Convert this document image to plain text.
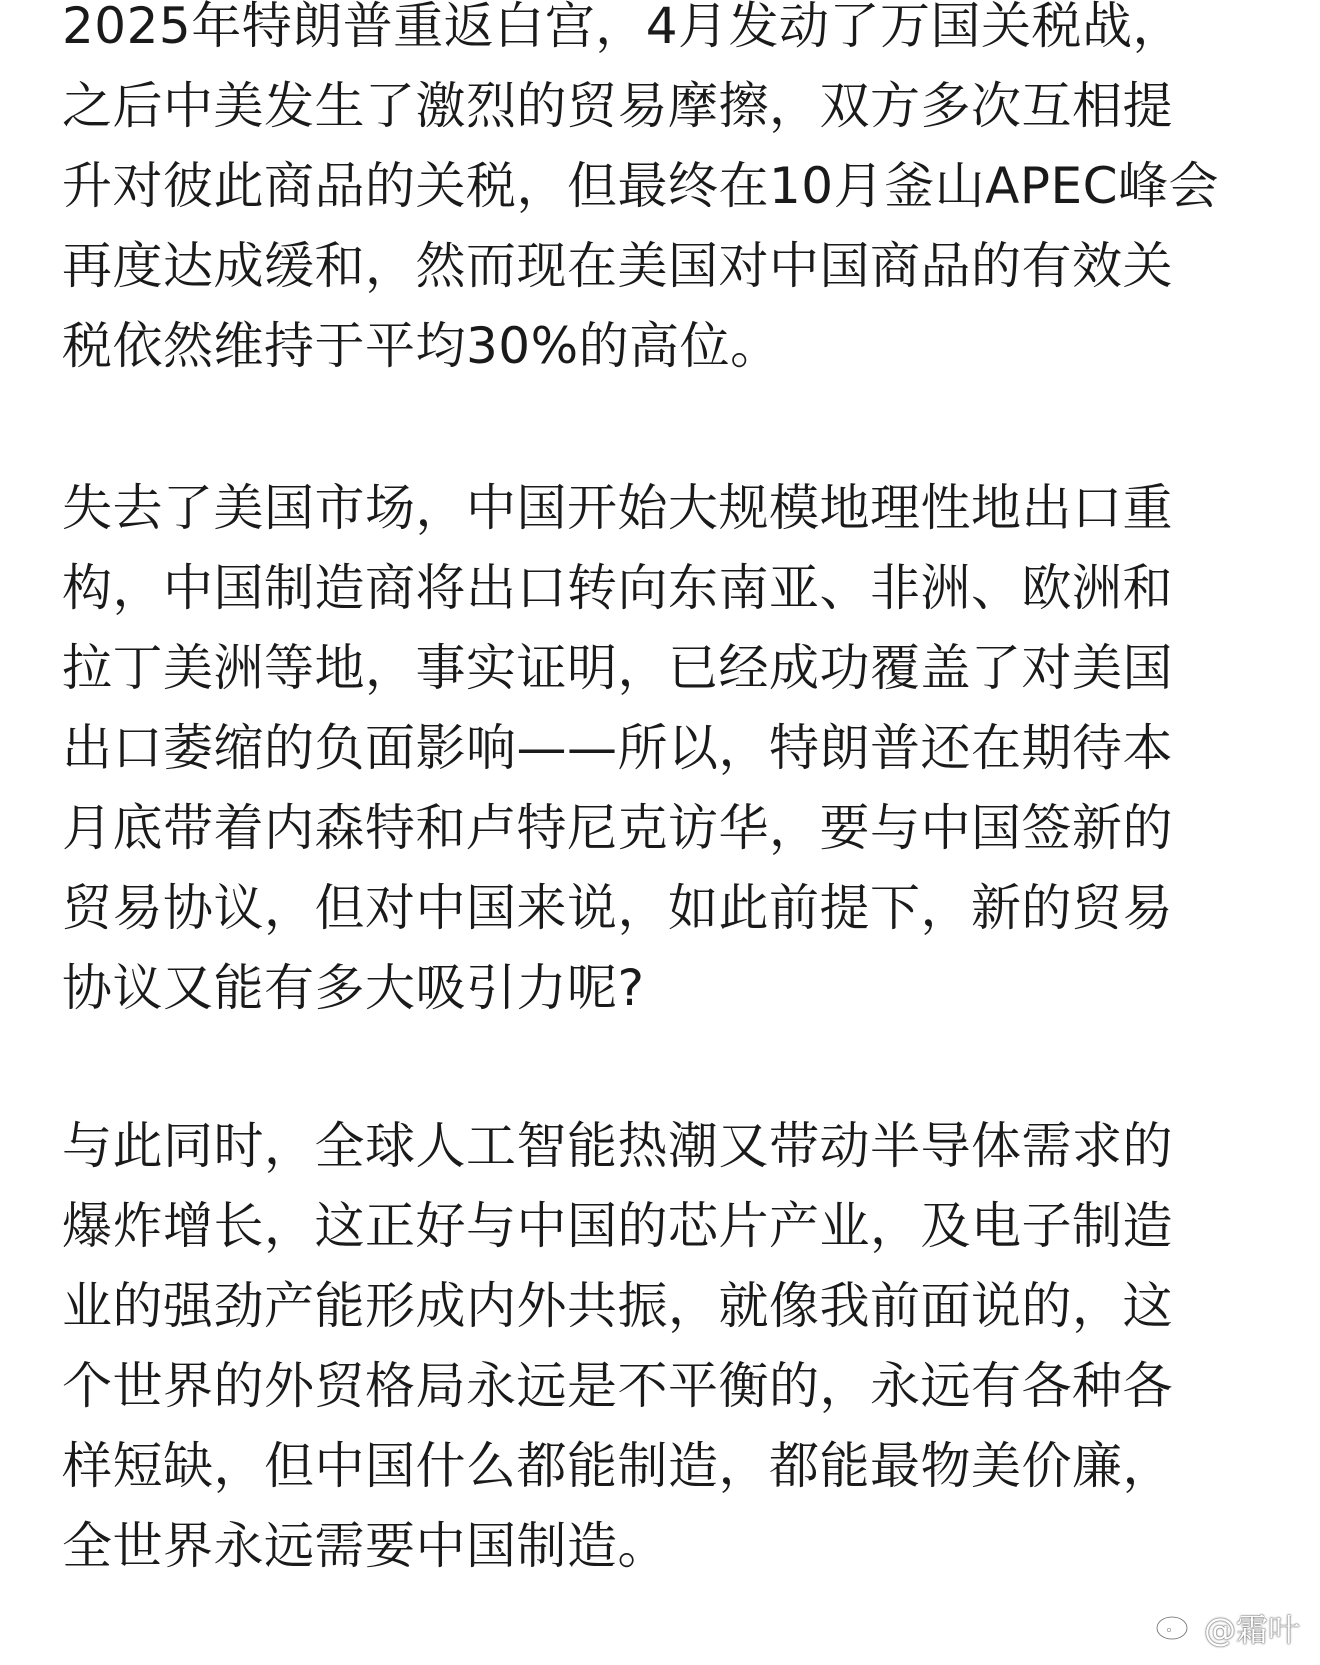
2025年特朗普重返白宫，4月发动了万国关税战，
之后中美发生了激烈的贸易摩擦，双方多次互相提
升对彼此商品的关税，但最终在10月釜山APEC峰会
再度达成缓和，然而现在美国对中国商品的有效关
税依然维持于平均30%的高位。
失去了美国市场，中国开始大规模地理性地出口重
构，中国制造商将出口转向东南亚、非洲、欧洲和
拉丁美洲等地，事实证明，已经成功覆盖了对美国
出口萎缩的负面影响——所以，特朗普还在期待本
月底带着内森特和卢特尼克访华，要与中国签新的
贸易协议，但对中国来说，如此前提下，新的贸易
协议又能有多大吸引力呢?
与此同时，全球人工智能热潮又带动半导体需求的
爆炸增长，这正好与中国的芯片产业，及电子制造
业的强劲产能形成内外共振，就像我前面说的，这
个世界的外贸格局永远是不平衡的，永远有各种各
样短缺，但中国什么都能制造，都能最物美价廉，
全世界永远需要中国制造。
@霜叶
